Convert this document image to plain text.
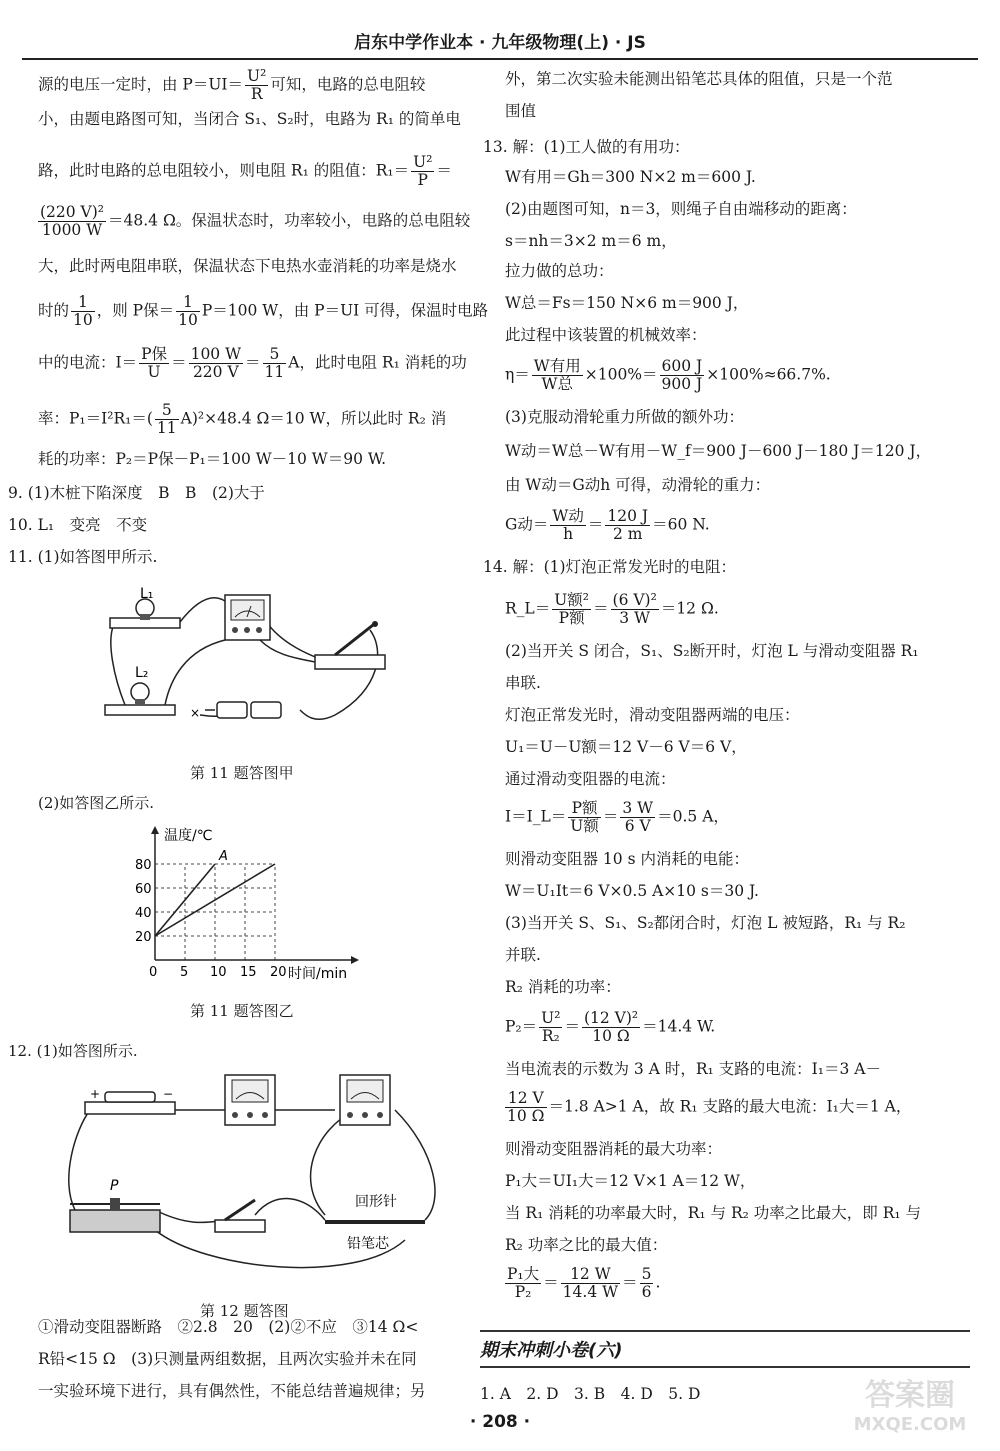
启东中学作业本 · 九年级物理(上) · JS
源的电压一定时，由 $P=UI= \frac{\text{U²}}{R}$ 可知，电路的总电阻较
小，由题电路图可知，当闭合 S₁、S₂时，电路为 R₁ 的简单电
路，此时电路的总电阻较小，则电阻 R₁ 的阻值：$R_1= \frac{\text{U²}}{P}$ ＝
$\frac{\text{(220 V)²}}{1000 W} =48.4$ Ω。保温状态时，功率较小，电路的总电阻较
大，此时两电阻串联，保温状态下电热水壶消耗的功率是烧水
时的 $\frac{1}{10}$ ，则 P保＝ $\frac{1}{10} P=100$ W，由 P＝UI 可得，保温时电路
中的电流：$I= \frac{\text{P保}}{U} = \frac{100 W}{220 V} = \frac{5}{11}$ A，此时电阻 R₁ 消耗的功
率：$P_1=I^2R_1=( \frac{5}{11} A)^2\times 48.4$ Ω＝10 W，所以此时 R₂ 消
耗的功率：P₂＝P保－P₁＝100 W－10 W＝90 W.
9. (1)木桩下陷深度　B　B　(2)大于
10. L₁　变亮　不变
11. (1)如答图甲所示.
L₁
L₂
×
第 11 题答图甲
(2)如答图乙所示.
温度/℃
时间/min
0 5 10 15 20
20
40
60
80
A
第 11 题答图乙
12. (1)如答图所示.
+	−
P
回形针
铅笔芯
第 12 题答图
①滑动变阻器断路　②2.8　20　(2)②不应　③14 Ω<
R铅<15 Ω　(3)只测量两组数据，且两次实验并未在同
一实验环境下进行，具有偶然性，不能总结普遍规律；另
外，第二次实验未能测出铅笔芯具体的阻值，只是一个范
围值
13. 解：(1)工人做的有用功：
W有用＝Gh＝300 N×2 m＝600 J.
(2)由题图可知，n＝3，则绳子自由端移动的距离：
s＝nh＝3×2 m＝6 m，
拉力做的总功：
W总＝Fs＝150 N×6 m＝900 J，
此过程中该装置的机械效率：
$\eta= \frac{\text{W有用}}{\text{W总}} \times 100\%= \frac{600 J}{900 J} \times 100\%\approx 66.7\%$.
(3)克服动滑轮重力所做的额外功：
W动＝W总－W有用－W_f＝900 J－600 J－180 J＝120 J，
由 W动＝G动h 可得，动滑轮的重力：
G动＝ $\frac{\text{W动}}{h} = \frac{120 J}{2 m} =60$ N.
14. 解：(1)灯泡正常发光时的电阻：
R_L＝ $\frac{\text{U额²}}{\text{P额}} = \frac{\text{(6 V)²}}{3 W} =12$ Ω.
(2)当开关 S 闭合，S₁、S₂断开时，灯泡 L 与滑动变阻器 R₁
串联.
灯泡正常发光时，滑动变阻器两端的电压：
U₁＝U－U额＝12 V－6 V＝6 V，
通过滑动变阻器的电流：
I＝I_L＝ $\frac{\text{P额}}{\text{U额}} = \frac{3 W}{6 V} =0.5$ A，
则滑动变阻器 10 s 内消耗的电能：
W＝U₁It＝6 V×0.5 A×10 s＝30 J.
(3)当开关 S、S₁、S₂都闭合时，灯泡 L 被短路，R₁ 与 R₂
并联.
R₂ 消耗的功率：
$P_2= \frac{\text{U²}}{\text{R₂}} = \frac{\text{(12 V)²}}{10 \Omega} =14.4$ W.
当电流表的示数为 3 A 时，R₁ 支路的电流：I₁＝3 A－
$\frac{12 V}{10 \Omega} =1.8$ A>1 A，故 R₁ 支路的最大电流：I₁大＝1 A，
则滑动变阻器消耗的最大功率：
P₁大＝UI₁大＝12 V×1 A＝12 W，
当 R₁ 消耗的功率最大时，R₁ 与 R₂ 功率之比最大，即 R₁ 与
R₂ 功率之比的最大值：
$\frac{\text{P₁大}}{\text{P₂}} = \frac{12 W}{14.4 W} = \frac{5}{6}$ .
期末冲刺小卷(六)
1. A　2. D　3. B　4. D　5. D
· 208 ·
答案圈
MXQE.COM
